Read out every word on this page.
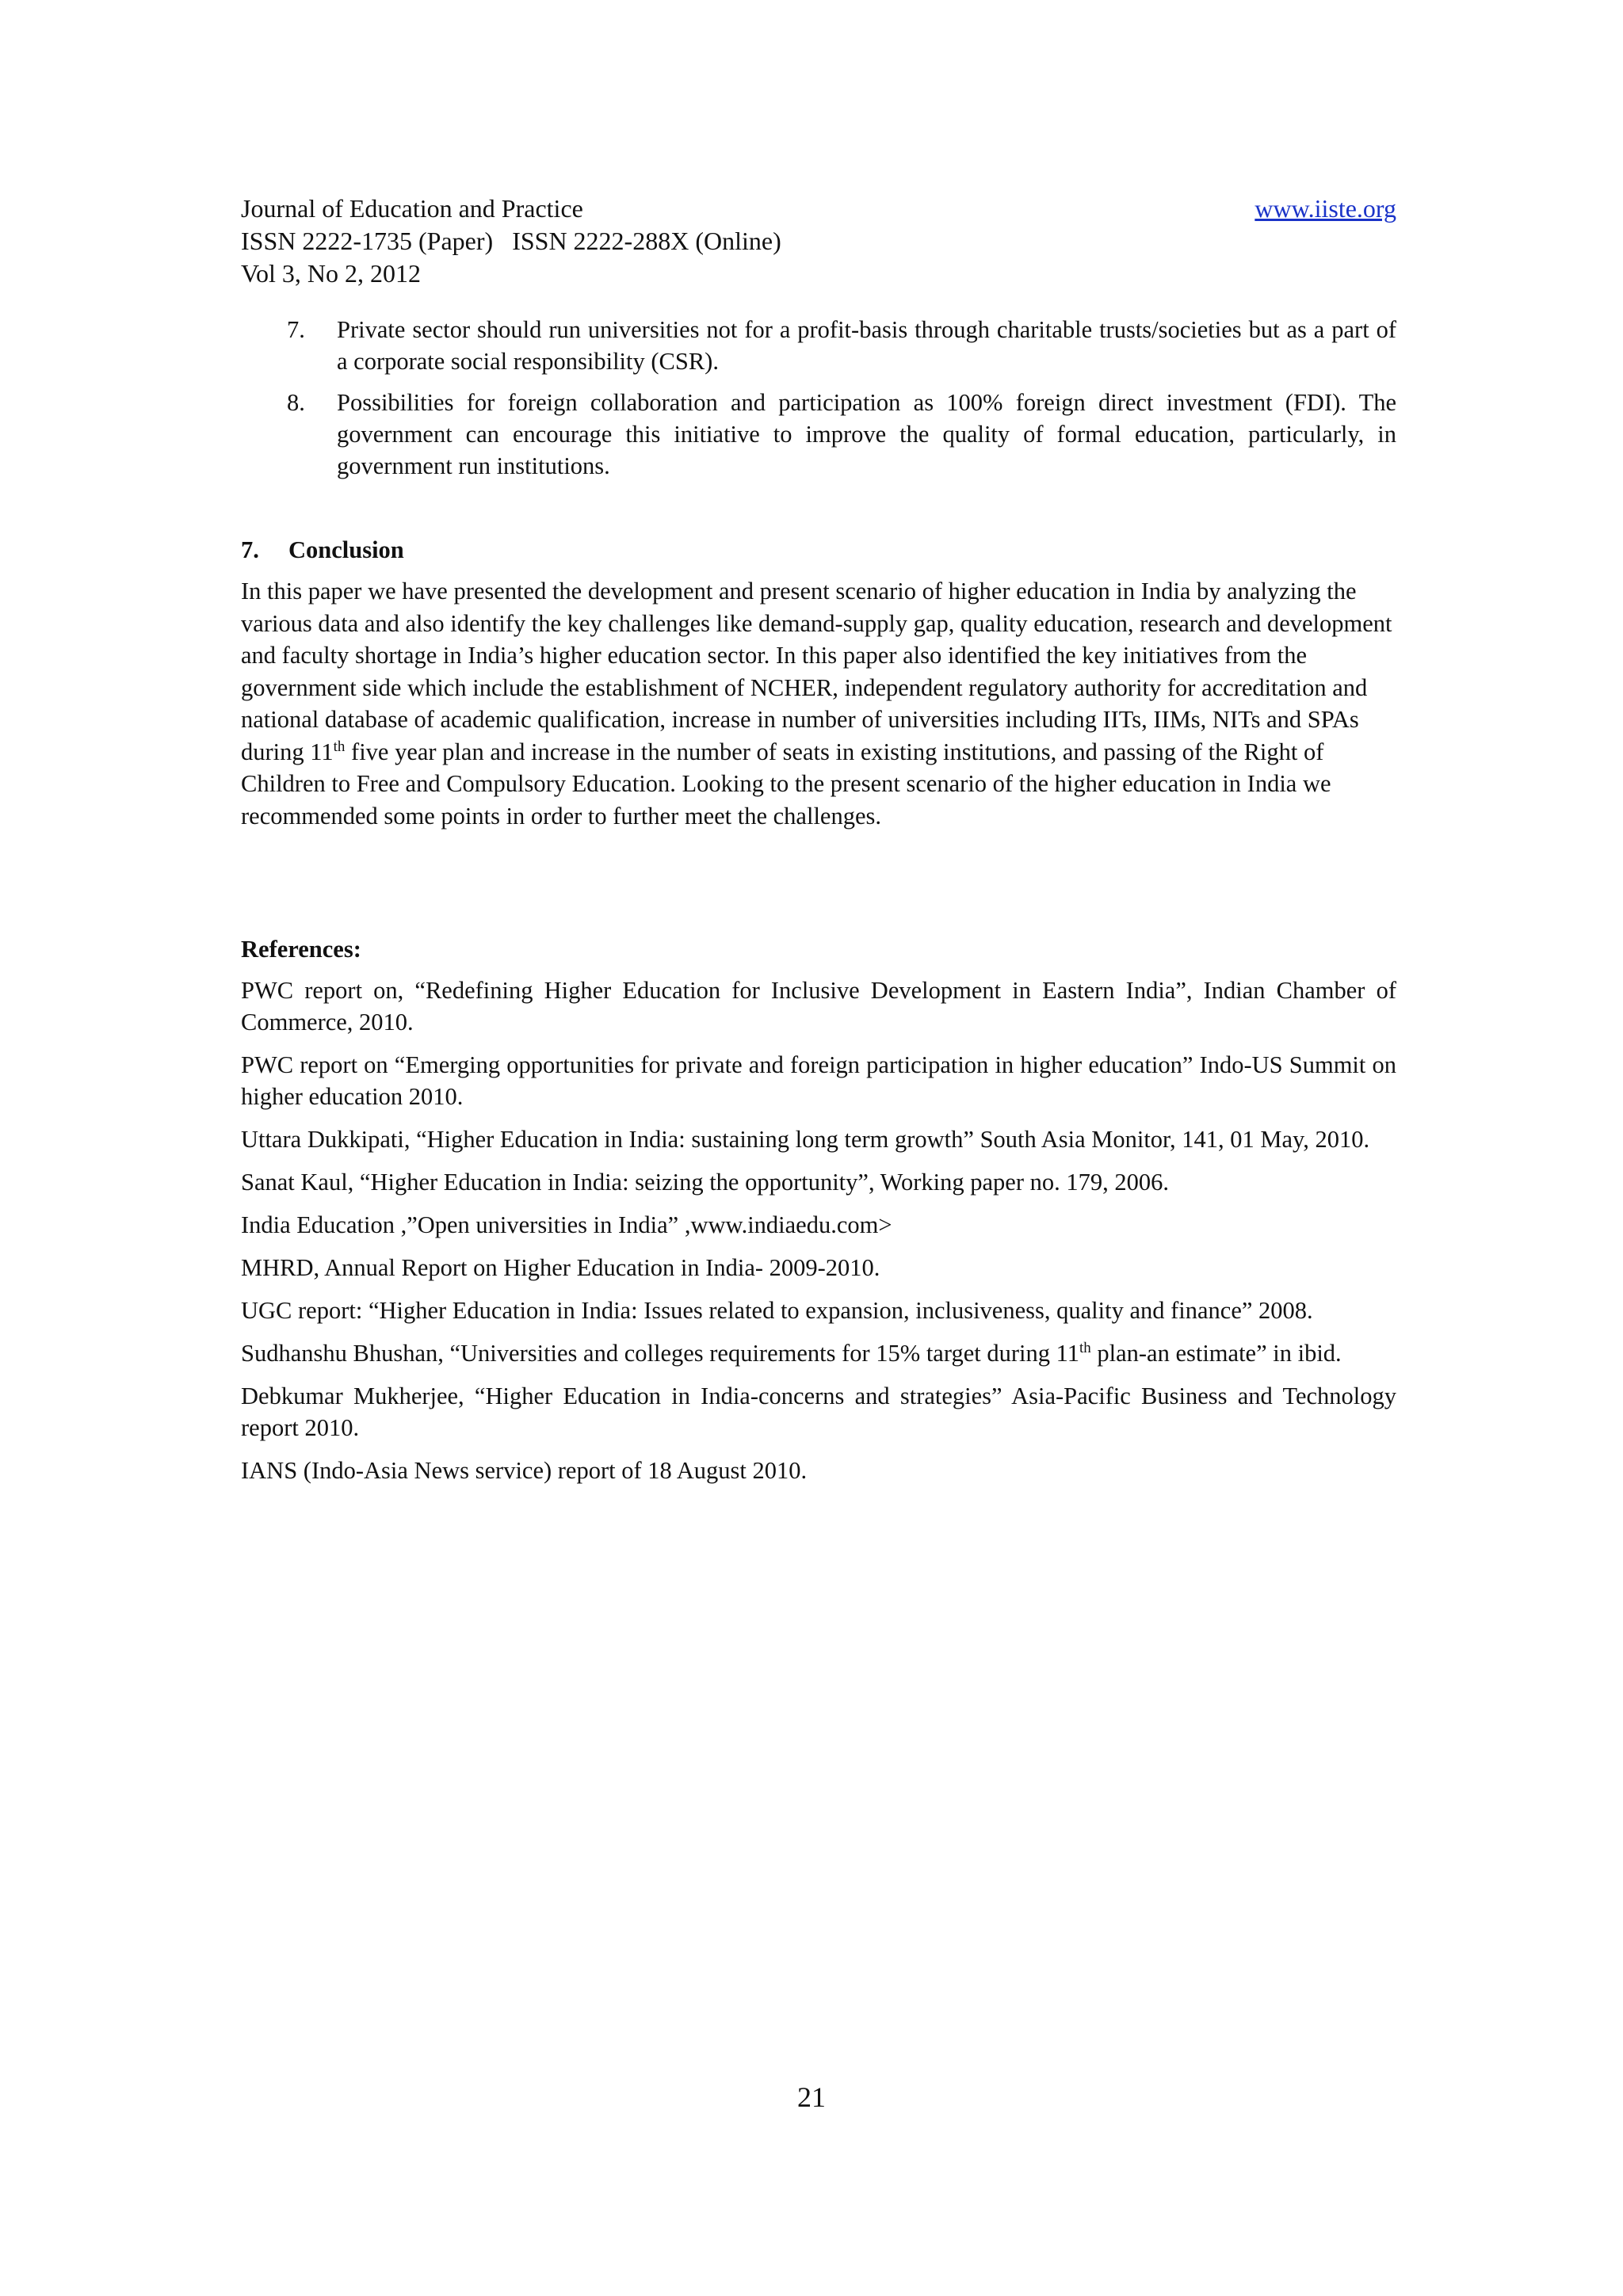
Journal of Education and Practice
ISSN 2222-1735 (Paper)   ISSN 2222-288X (Online)
Vol 3, No 2, 2012
www.iiste.org
7. Private sector should run universities not for a profit-basis through charitable trusts/societies but as a part of a corporate social responsibility (CSR).
8. Possibilities for foreign collaboration and participation as 100% foreign direct investment (FDI). The government can encourage this initiative to improve the quality of formal education, particularly, in government run institutions.
7. Conclusion
In this paper we have presented the development and present scenario of higher education in India by analyzing the various data and also identify the key challenges like demand-supply gap, quality education, research and development and faculty shortage in India’s higher education sector. In this paper also identified the key initiatives from the government side which include the establishment of NCHER, independent regulatory authority for accreditation and national database of academic qualification, increase in number of universities including IITs, IIMs, NITs and SPAs during 11th five year plan and increase in the number of seats in existing institutions, and passing of the Right of Children to Free and Compulsory Education. Looking to the present scenario of the higher education in India we recommended some points in order to further meet the challenges.
References:
PWC report on, “Redefining Higher Education for Inclusive Development in Eastern India”, Indian Chamber of Commerce, 2010.
PWC report on “Emerging opportunities for private and foreign participation in higher education” Indo-US Summit on higher education 2010.
Uttara Dukkipati, “Higher Education in India: sustaining long term growth” South Asia Monitor, 141, 01 May, 2010.
Sanat Kaul, “Higher Education in India: seizing the opportunity”, Working paper no. 179, 2006.
India Education ,”Open universities in India” ,www.indiaedu.com>
MHRD, Annual Report on Higher Education in India- 2009-2010.
UGC report: “Higher Education in India: Issues related to expansion, inclusiveness, quality and finance” 2008.
Sudhanshu Bhushan, “Universities and colleges requirements for 15% target during 11th plan-an estimate” in ibid.
Debkumar Mukherjee, “Higher Education in India-concerns and strategies” Asia-Pacific Business and Technology report 2010.
IANS (Indo-Asia News service) report of 18 August 2010.
21
